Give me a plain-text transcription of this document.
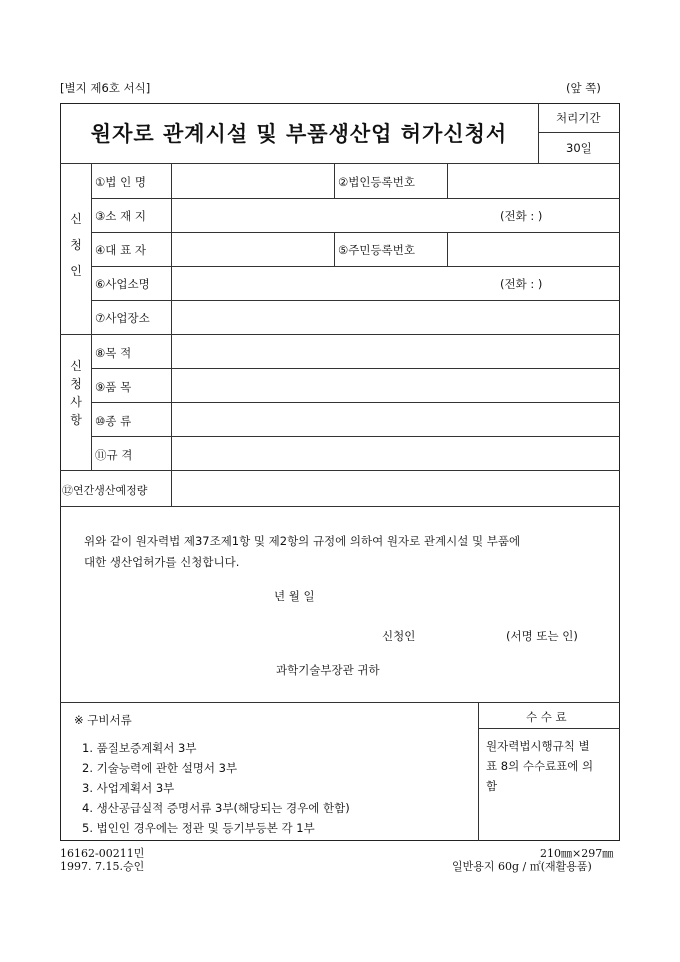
[별지 제6호 서식]	(앞 쪽)
원자로 관계시설 및 부품생산업 허가신청서
처리기간
30일
신
청
인
①법 인 명	②법인등록번호
③소 재 지	(전화 : )
④대 표 자	⑤주민등록번호
⑥사업소명	(전화 : )
⑦사업장소
신
청
사
항
⑧목 적
⑨품 목
⑩종 류
⑪규 격
⑫연간생산예정량
위와 같이 원자력법 제37조제1항 및 제2항의 규정에 의하여 원자로 관계시설 및 부품에
대한 생산업허가를 신청합니다.
년 월 일
신청인	(서명 또는 인)
과학기술부장관 귀하
※ 구비서류
1. 품질보증계획서 3부
2. 기술능력에 관한 설명서 3부
3. 사업계획서 3부
4. 생산공급실적 증명서류 3부(해당되는 경우에 한함)
5. 법인인 경우에는 정관 및 등기부등본 각 1부
수 수 료
원자력법시행규칙 별
표 8의 수수료표에 의
함
16162-00211민
1997. 7.15.승인
210㎜×297㎜
일반용지 60g / ㎡(재활용품)
